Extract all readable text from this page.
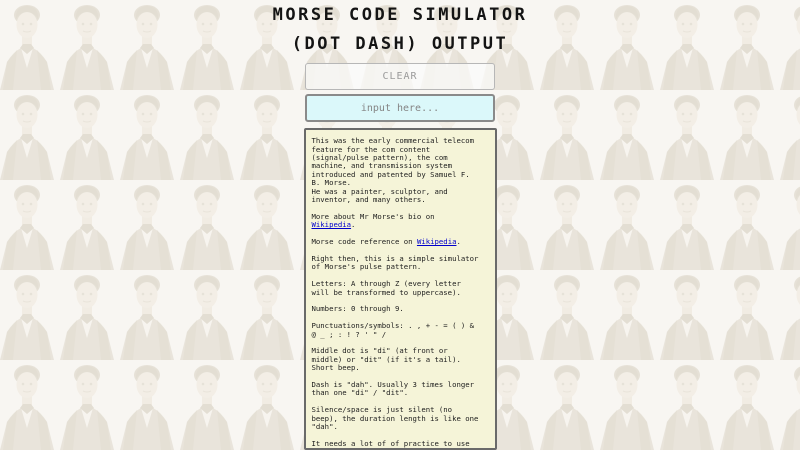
MORSE CODE SIMULATOR
(DOT DASH) OUTPUT
CLEAR
input here...
This was the early commercial telecom
feature for the com content
(signal/pulse pattern), the com
machine, and transmission system
introduced and patented by Samuel F.
B. Morse.
He was a painter, sculptor, and
inventor, and many others.

More about Mr Morse's bio on
Wikipedia.

Morse code reference on Wikipedia.

Right then, this is a simple simulator
of Morse's pulse pattern.

Letters: A through Z (every letter
will be transformed to uppercase).

Numbers: 0 through 9.

Punctuations/symbols: . , + - = ( ) &
@ _ ; : ! ? ' " /

Middle dot is "di" (at front or
middle) or "dit" (if it's a tail).
Short beep.

Dash is "dah". Usually 3 times longer
than one "di" / "dit".

Silence/space is just silent (no
beep), the duration length is like one
"dah".

It needs a lot of of practice to use
